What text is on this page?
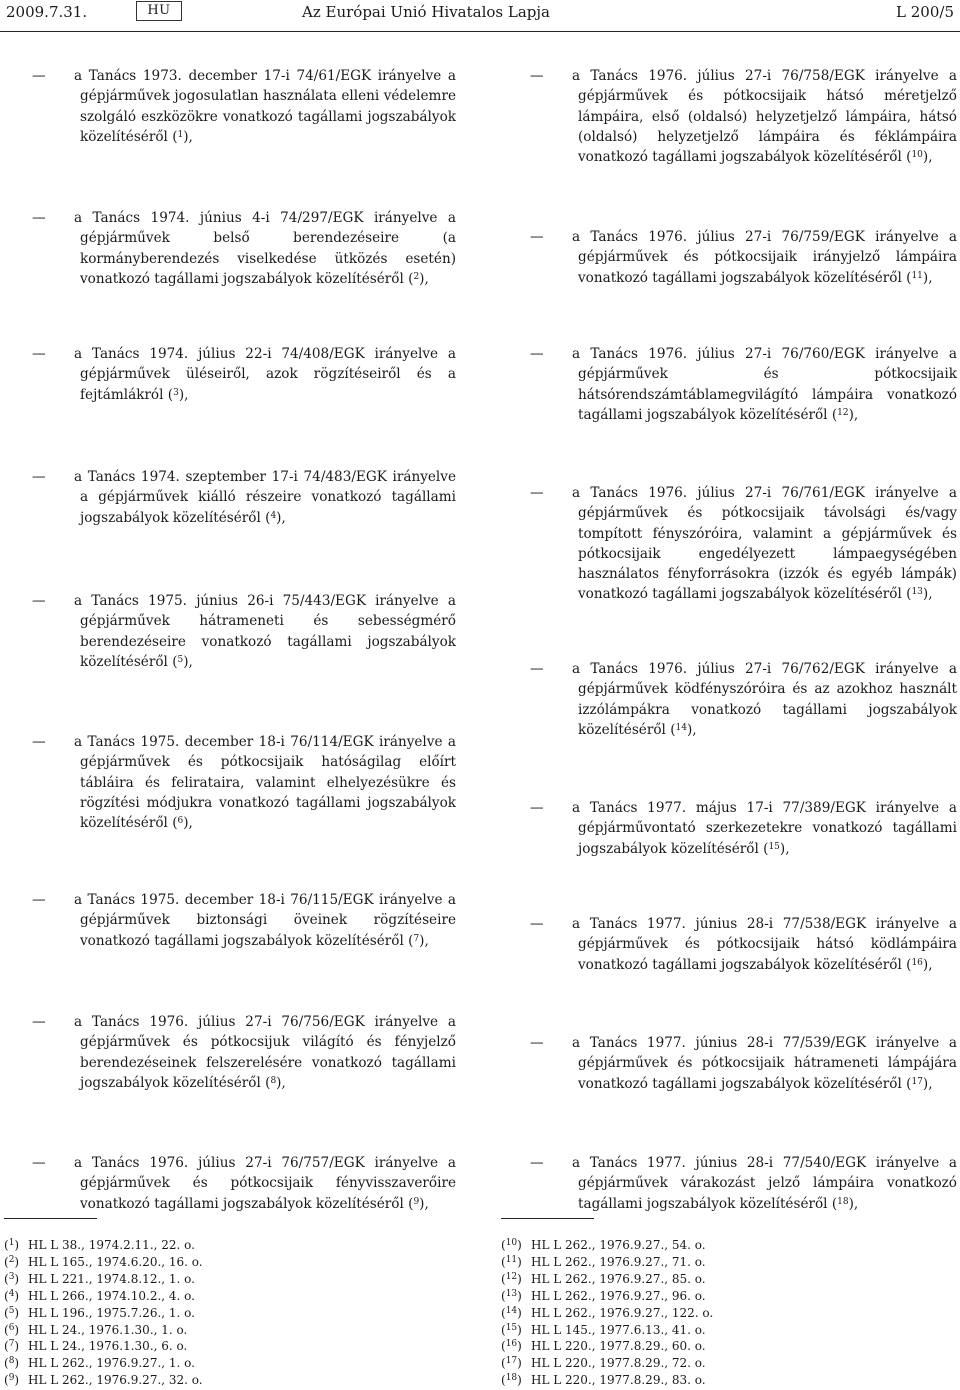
2009.7.31.	HU	Az Európai Unió Hivatalos Lapja	L 200/5
— a Tanács 1973. december 17-i 74/61/EGK irányelve a gépjárművek jogosulatlan használata elleni védelemre szolgáló eszközökre vonatkozó tagállami jogszabályok közelítéséről ($^1$),
— a Tanács 1974. június 4-i 74/297/EGK irányelve a gépjárművek belső berendezéseire (a kormányberendezés viselkedése ütközés esetén) vonatkozó tagállami jogszabályok közelítéséről ($^2$),
— a Tanács 1974. július 22-i 74/408/EGK irányelve a gépjárművek üléseiről, azok rögzítéseiről és a fejtámlákról ($^3$),
— a Tanács 1974. szeptember 17-i 74/483/EGK irányelve a gépjárművek kiálló részeire vonatkozó tagállami jogszabályok közelítéséről ($^4$),
— a Tanács 1975. június 26-i 75/443/EGK irányelve a gépjárművek hátrameneti és sebességmérő berendezéseire vonatkozó tagállami jogszabályok közelítéséről ($^5$),
— a Tanács 1975. december 18-i 76/114/EGK irányelve a gépjárművek és pótkocsijaik hatóságilag előírt tábláira és felirataira, valamint elhelyezésükre és rögzítési módjukra vonatkozó tagállami jogszabályok közelítéséről ($^6$),
— a Tanács 1975. december 18-i 76/115/EGK irányelve a gépjárművek biztonsági öveinek rögzítéseire vonatkozó tagállami jogszabályok közelítéséről ($^7$),
— a Tanács 1976. július 27-i 76/756/EGK irányelve a gépjárművek és pótkocsijuk világító és fényjelző berendezéseinek felszerelésére vonatkozó tagállami jogszabályok közelítéséről ($^8$),
— a Tanács 1976. július 27-i 76/757/EGK irányelve a gépjárművek és pótkocsijaik fényvisszaverőire vonatkozó tagállami jogszabályok közelítéséről ($^9$),
— a Tanács 1976. július 27-i 76/758/EGK irányelve a gépjárművek és pótkocsijaik hátsó méretjelző lámpáira, első (oldalsó) helyzetjelző lámpáira, hátsó (oldalsó) helyzetjelző lámpáira és féklámpáira vonatkozó tagállami jogszabályok közelítéséről ($^{10}$),
— a Tanács 1976. július 27-i 76/759/EGK irányelve a gépjárművek és pótkocsijaik irányjelző lámpáira vonatkozó tagállami jogszabályok közelítéséről ($^{11}$),
— a Tanács 1976. július 27-i 76/760/EGK irányelve a gépjárművek és pótkocsijaik hátsórendszámtáblamegvilágító lámpáira vonatkozó tagállami jogszabályok közelítéséről ($^{12}$),
— a Tanács 1976. július 27-i 76/761/EGK irányelve a gépjárművek és pótkocsijaik távolsági és/vagy tompított fényszóróira, valamint a gépjárművek és pótkocsijaik engedélyezett lámpaegységében használatos fényforrásokra (izzók és egyéb lámpák) vonatkozó tagállami jogszabályok közelítéséről ($^{13}$),
— a Tanács 1976. július 27-i 76/762/EGK irányelve a gépjárművek ködfényszóróira és az azokhoz használt izzólámpákra vonatkozó tagállami jogszabályok közelítéséről ($^{14}$),
— a Tanács 1977. május 17-i 77/389/EGK irányelve a gépjárművontató szerkezetekre vonatkozó tagállami jogszabályok közelítéséről ($^{15}$),
— a Tanács 1977. június 28-i 77/538/EGK irányelve a gépjárművek és pótkocsijaik hátsó ködlámpáira vonatkozó tagállami jogszabályok közelítéséről ($^{16}$),
— a Tanács 1977. június 28-i 77/539/EGK irányelve a gépjárművek és pótkocsijaik hátrameneti lámpájára vonatkozó tagállami jogszabályok közelítéséről ($^{17}$),
— a Tanács 1977. június 28-i 77/540/EGK irányelve a gépjárművek várakozást jelző lámpáira vonatkozó tagállami jogszabályok közelítéséről ($^{18}$),
($^1$) HL L 38., 1974.2.11., 22. o.
($^2$) HL L 165., 1974.6.20., 16. o.
($^3$) HL L 221., 1974.8.12., 1. o.
($^4$) HL L 266., 1974.10.2., 4. o.
($^5$) HL L 196., 1975.7.26., 1. o.
($^6$) HL L 24., 1976.1.30., 1. o.
($^7$) HL L 24., 1976.1.30., 6. o.
($^8$) HL L 262., 1976.9.27., 1. o.
($^9$) HL L 262., 1976.9.27., 32. o.
($^{10}$) HL L 262., 1976.9.27., 54. o.
($^{11}$) HL L 262., 1976.9.27., 71. o.
($^{12}$) HL L 262., 1976.9.27., 85. o.
($^{13}$) HL L 262., 1976.9.27., 96. o.
($^{14}$) HL L 262., 1976.9.27., 122. o.
($^{15}$) HL L 145., 1977.6.13., 41. o.
($^{16}$) HL L 220., 1977.8.29., 60. o.
($^{17}$) HL L 220., 1977.8.29., 72. o.
($^{18}$) HL L 220., 1977.8.29., 83. o.
